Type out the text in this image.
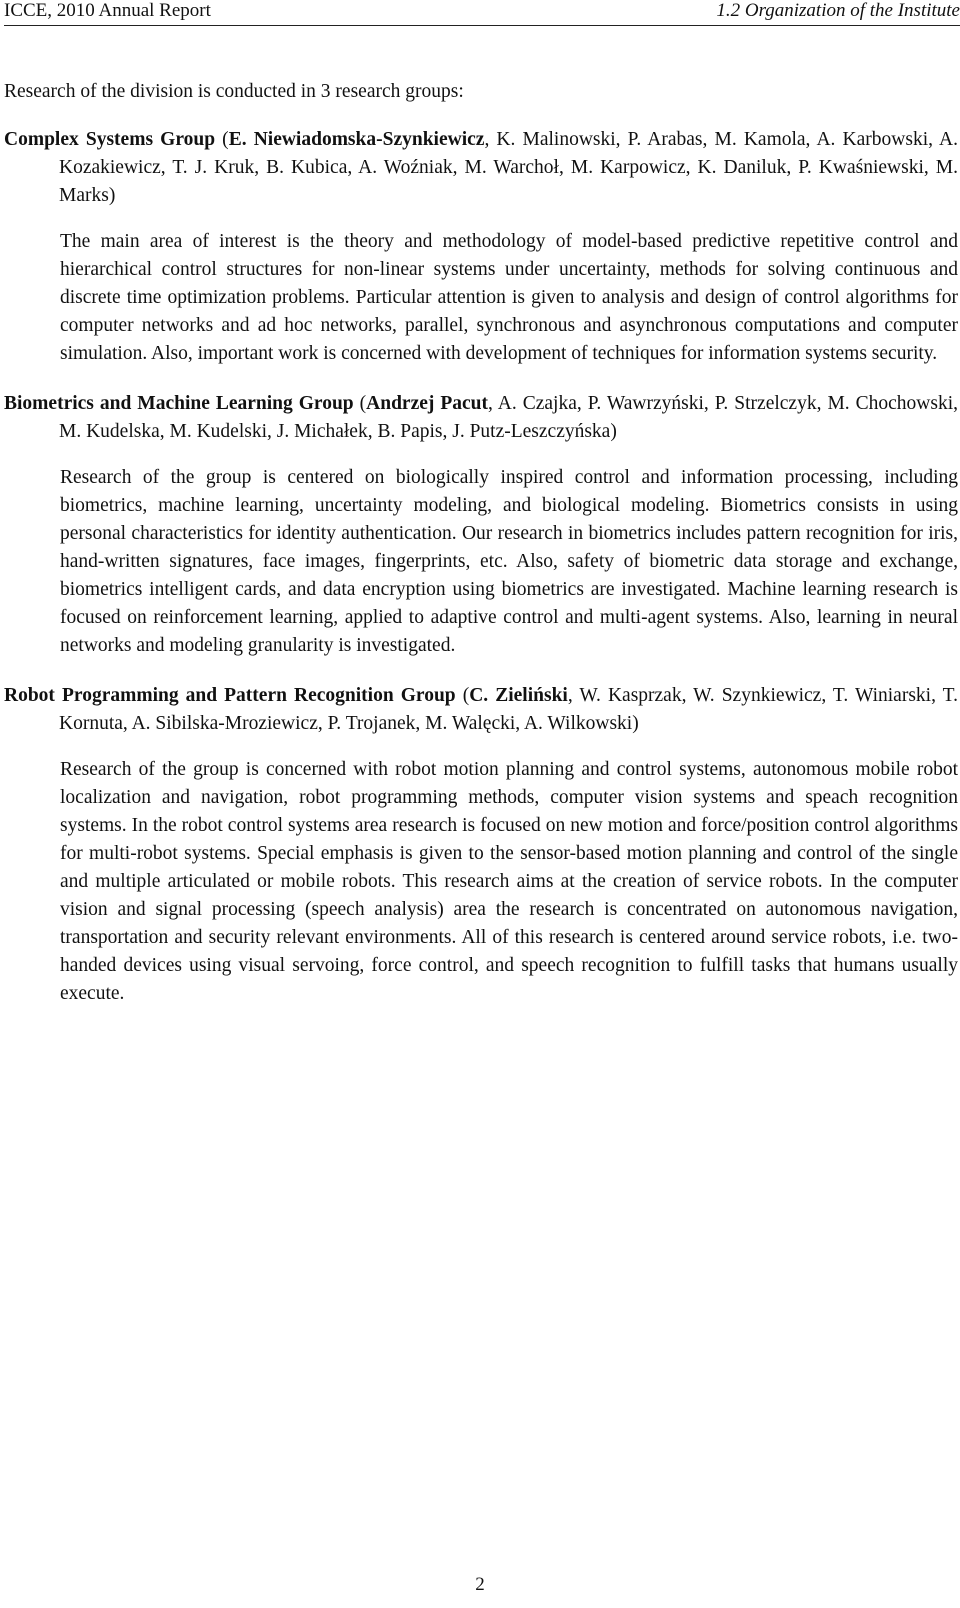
ICCE, 2010 Annual Report	1.2 Organization of the Institute

Research of the division is conducted in 3 research groups:

Complex Systems Group (E. Niewiadomska-Szynkiewicz, K. Malinowski, P. Arabas, M. Kamola, A. Karbowski, A. Kozakiewicz, T. J. Kruk, B. Kubica, A. Woźniak, M. Warchoł, M. Karpowicz, K. Daniluk, P. Kwaśniewski, M. Marks)

The main area of interest is the theory and methodology of model-based predictive repetitive control and hierarchical control structures for non-linear systems under uncertainty, methods for solving continuous and discrete time optimization problems. Particular attention is given to analysis and design of control algorithms for computer networks and ad hoc networks, parallel, synchronous and asynchronous computations and computer simulation. Also, important work is concerned with development of techniques for information systems security.

Biometrics and Machine Learning Group (Andrzej Pacut, A. Czajka, P. Wawrzyński, P. Strzelczyk, M. Chochowski, M. Kudelska, M. Kudelski, J. Michałek, B. Papis, J. Putz-Leszczyńska)

Research of the group is centered on biologically inspired control and information processing, including biometrics, machine learning, uncertainty modeling, and biological modeling. Biometrics consists in using personal characteristics for identity authentication. Our research in biometrics includes pattern recognition for iris, hand-written signatures, face images, fingerprints, etc. Also, safety of biometric data storage and exchange, biometrics intelligent cards, and data encryption using biometrics are investigated. Machine learning research is focused on reinforcement learning, applied to adaptive control and multi-agent systems. Also, learning in neural networks and modeling granularity is investigated.

Robot Programming and Pattern Recognition Group (C. Zieliński, W. Kasprzak, W. Szynkiewicz, T. Winiarski, T. Kornuta, A. Sibilska-Mroziewicz, P. Trojanek, M. Walęcki, A. Wilkowski)

Research of the group is concerned with robot motion planning and control systems, autonomous mobile robot localization and navigation, robot programming methods, computer vision systems and speach recognition systems. In the robot control systems area research is focused on new motion and force/position control algorithms for multi-robot systems. Special emphasis is given to the sensor-based motion planning and control of the single and multiple articulated or mobile robots. This research aims at the creation of service robots. In the computer vision and signal processing (speech analysis) area the research is concentrated on autonomous navigation, transportation and security relevant environments. All of this research is centered around service robots, i.e. two-handed devices using visual servoing, force control, and speech recognition to fulfill tasks that humans usually execute.

2
